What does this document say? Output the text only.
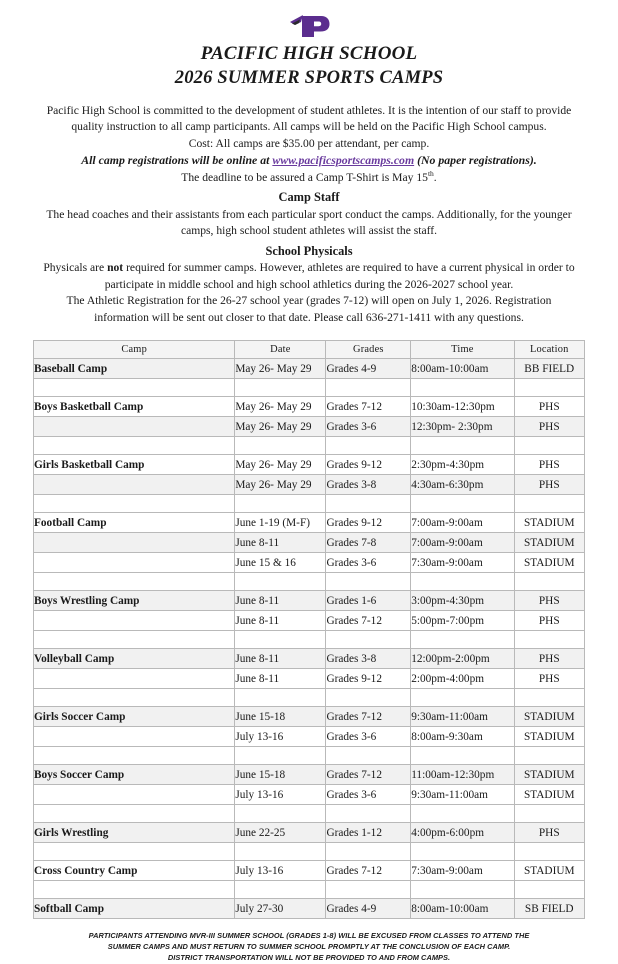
PACIFIC HIGH SCHOOL
2026 SUMMER SPORTS CAMPS

Pacific High School is committed to the development of student athletes. It is the intention of our staff to provide quality instruction to all camp participants. All camps will be held on the Pacific High School campus.

Cost: All camps are $35.00 per attendant, per camp.

All camp registrations will be online at www.pacificsportscamps.com (No paper registrations).

The deadline to be assured a Camp T-Shirt is May 15th.

Camp Staff

The head coaches and their assistants from each particular sport conduct the camps. Additionally, for the younger camps, high school student athletes will assist the staff.

School Physicals

Physicals are not required for summer camps. However, athletes are required to have a current physical in order to participate in middle school and high school athletics during the 2026-2027 school year.

The Athletic Registration for the 26-27 school year (grades 7-12) will open on July 1, 2026. Registration information will be sent out closer to that date. Please call 636-271-1411 with any questions.

Camp	Date	Grades	Time	Location
Baseball Camp	May 26- May 29	Grades 4-9	8:00am-10:00am	BB FIELD

Boys Basketball Camp	May 26- May 29	Grades 7-12	10:30am-12:30pm	PHS
	May 26- May 29	Grades 3-6	12:30pm- 2:30pm	PHS

Girls Basketball Camp	May 26- May 29	Grades 9-12	2:30pm-4:30pm	PHS
	May 26- May 29	Grades 3-8	4:30am-6:30pm	PHS

Football Camp	June 1-19 (M-F)	Grades 9-12	7:00am-9:00am	STADIUM
	June 8-11	Grades 7-8	7:00am-9:00am	STADIUM
	June 15 & 16	Grades 3-6	7:30am-9:00am	STADIUM

Boys Wrestling Camp	June 8-11	Grades 1-6	3:00pm-4:30pm	PHS
	June 8-11	Grades 7-12	5:00pm-7:00pm	PHS

Volleyball Camp	June 8-11	Grades 3-8	12:00pm-2:00pm	PHS
	June 8-11	Grades 9-12	2:00pm-4:00pm	PHS

Girls Soccer Camp	June 15-18	Grades 7-12	9:30am-11:00am	STADIUM
	July 13-16	Grades 3-6	8:00am-9:30am	STADIUM

Boys Soccer Camp	June 15-18	Grades 7-12	11:00am-12:30pm	STADIUM
	July 13-16	Grades 3-6	9:30am-11:00am	STADIUM

Girls Wrestling	June 22-25	Grades 1-12	4:00pm-6:00pm	PHS

Cross Country Camp	July 13-16	Grades 7-12	7:30am-9:00am	STADIUM

Softball Camp	July 27-30	Grades 4-9	8:00am-10:00am	SB FIELD
PARTICIPANTS ATTENDING MVR-III SUMMER SCHOOL (GRADES 1-8) WILL BE EXCUSED FROM CLASSES TO ATTEND THE
SUMMER CAMPS AND MUST RETURN TO SUMMER SCHOOL PROMPTLY AT THE CONCLUSION OF EACH CAMP.
DISTRICT TRANSPORTATION WILL NOT BE PROVIDED TO AND FROM CAMPS.
